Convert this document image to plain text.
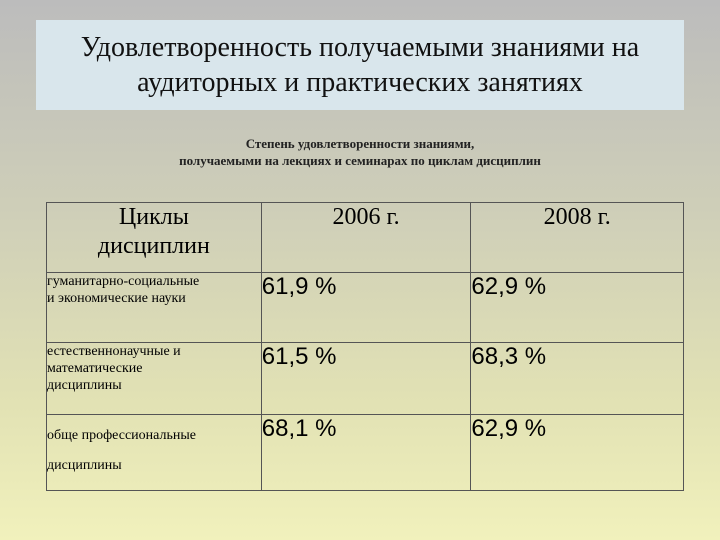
Удовлетворенность получаемыми знаниями на
аудиторных и практических занятиях
Степень удовлетворенности знаниями,
получаемыми на лекциях и семинарах по циклам дисциплин
Циклы
дисциплин	2006 г.	2008 г.

гуманитарно-социальные
и экономические науки	61,9 %	62,9 %

естественнонаучные и
математические
дисциплины	61,5 %	68,3 %

обще профессиональные
дисциплины	68,1 %	62,9 %
